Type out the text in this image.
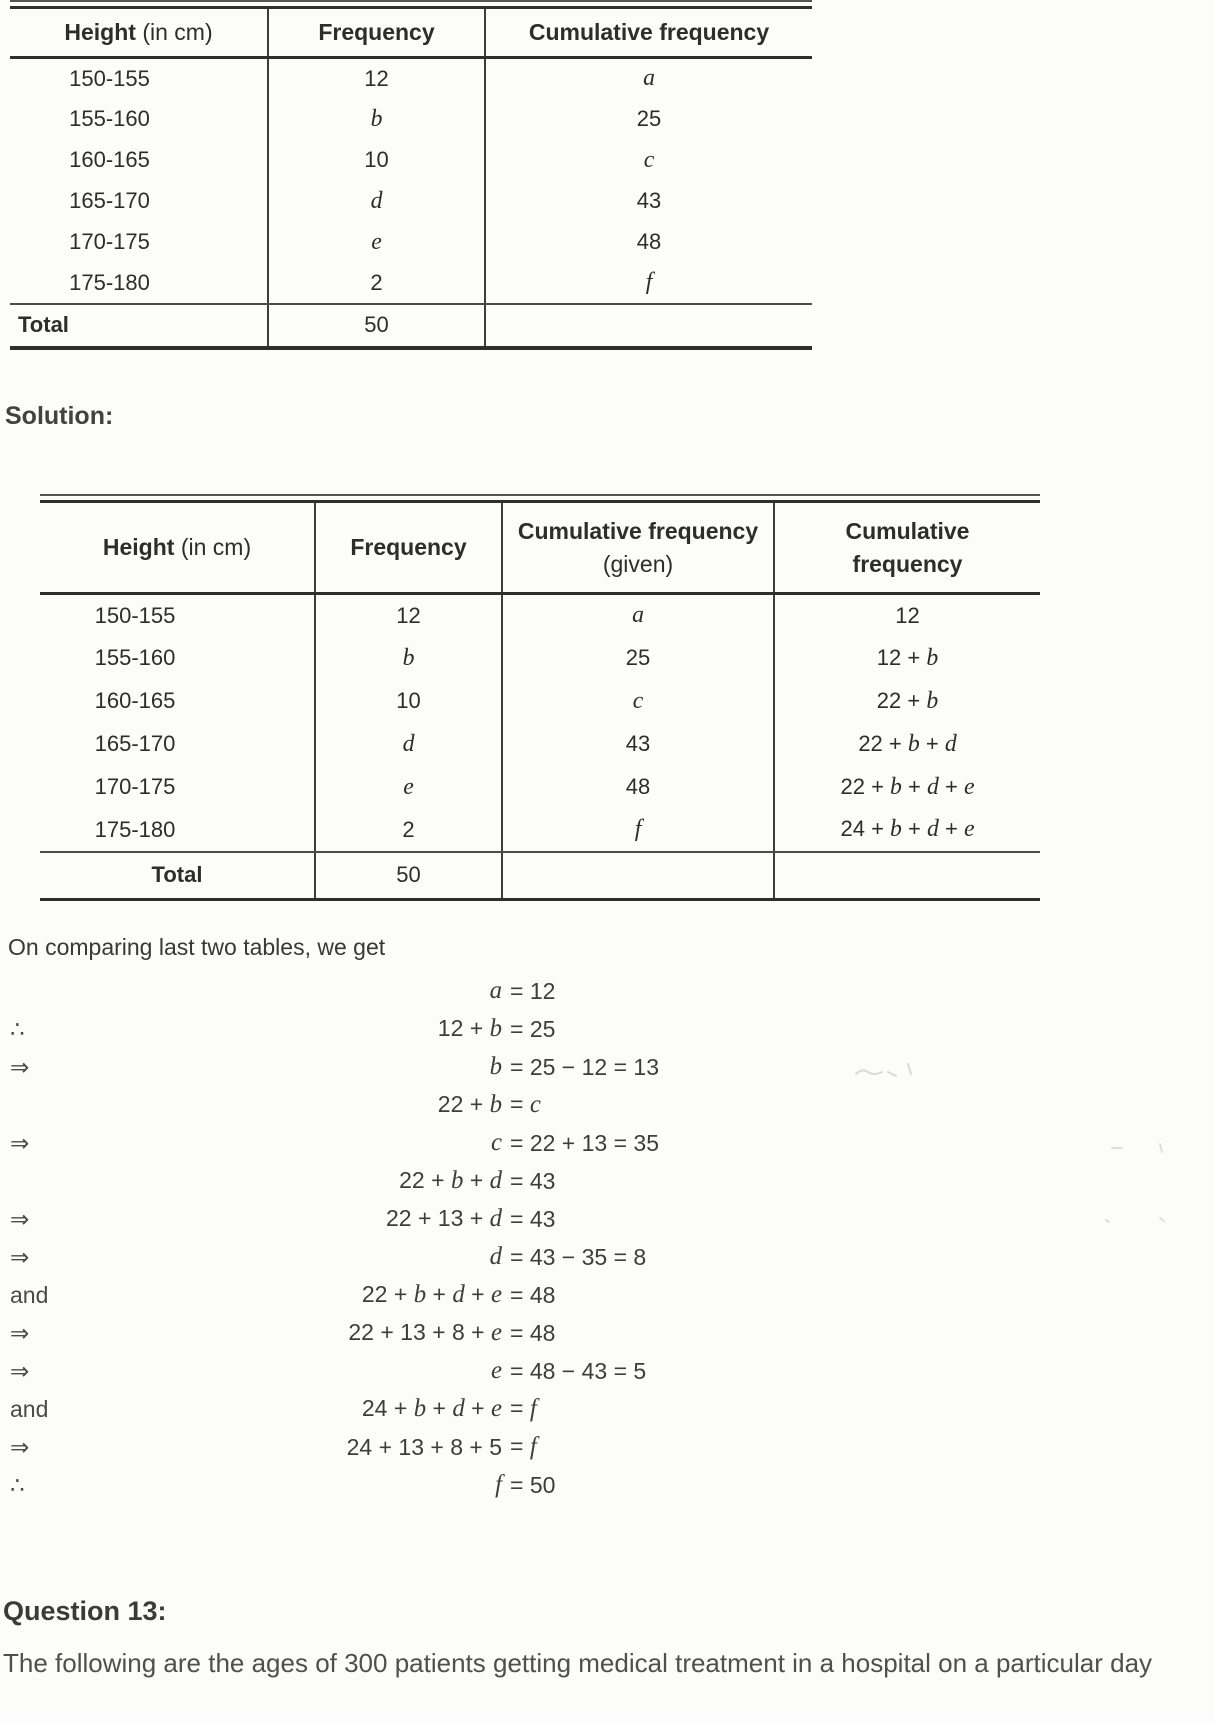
Height (in cm)	Frequency	Cumulative frequency
150-155	12	a
155-160	b	25
160-165	10	c
165-170	d	43
170-175	e	48
175-180	2	f
Total	50	
Solution:
Height (in cm)	Frequency	Cumulative frequency (given)	Cumulative frequency
150-155	12	a	12
155-160	b	25	12 + b
160-165	10	c	22 + b
165-170	d	43	22 + b + d
170-175	e	48	22 + b + d + e
175-180	2	f	24 + b + d + e
Total	50		
On comparing last two tables, we get
a = 12
∴	12 + b = 25
⇒	b = 25 − 12 = 13
22 + b = c
⇒	c = 22 + 13 = 35
22 + b + d = 43
⇒	22 + 13 + d = 43
⇒	d = 43 − 35 = 8
and	22 + b + d + e = 48
⇒	22 + 13 + 8 + e = 48
⇒	e = 48 − 43 = 5
and	24 + b + d + e = f
⇒	24 + 13 + 8 + 5 = f
∴	f = 50
Question 13:
The following are the ages of 300 patients getting medical treatment in a hospital on a particular day
